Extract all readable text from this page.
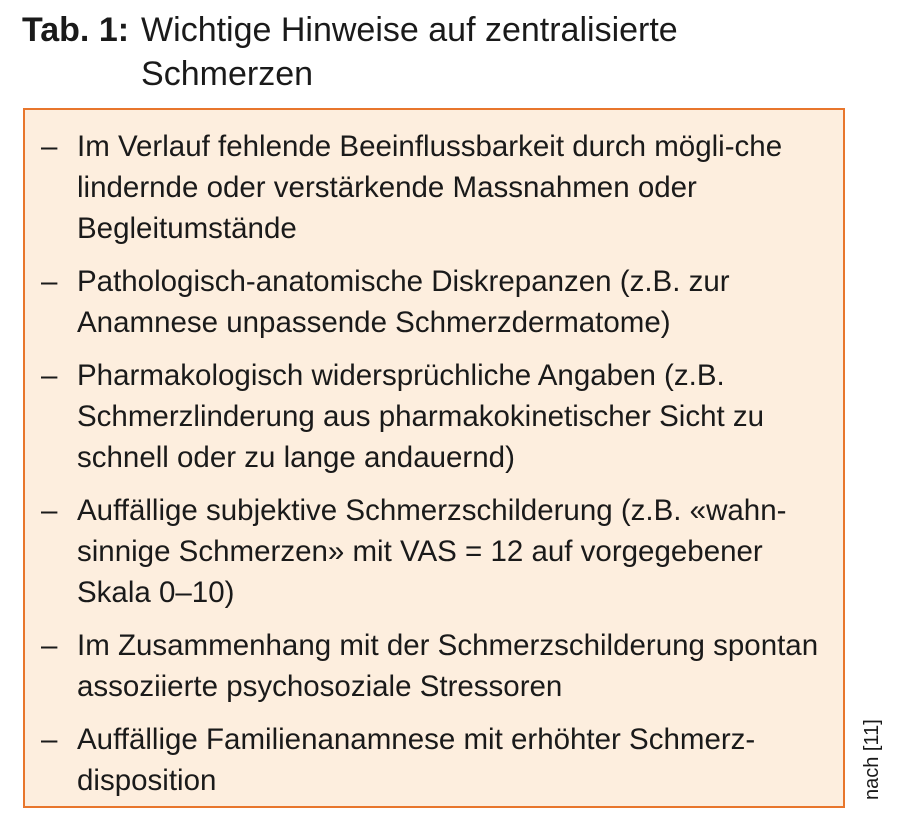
Tab. 1: Wichtige Hinweise auf zentralisierte Schmerzen
– Im Verlauf fehlende Beeinflussbarkeit durch mögli-che lindernde oder verstärkende Massnahmen oder Begleitumstände
– Pathologisch-anatomische Diskrepanzen (z.B. zur Anamnese unpassende Schmerzdermatome)
– Pharmakologisch widersprüchliche Angaben (z.B. Schmerzlinderung aus pharmakokinetischer Sicht zu schnell oder zu lange andauernd)
– Auffällige subjektive Schmerzschilderung (z.B. «wahn-sinnige Schmerzen» mit VAS = 12 auf vorgegebener Skala 0–10)
– Im Zusammenhang mit der Schmerzschilderung spontan assoziierte psychosoziale Stressoren
– Auffällige Familienanamnese mit erhöhter Schmerz-disposition	nach [11]
